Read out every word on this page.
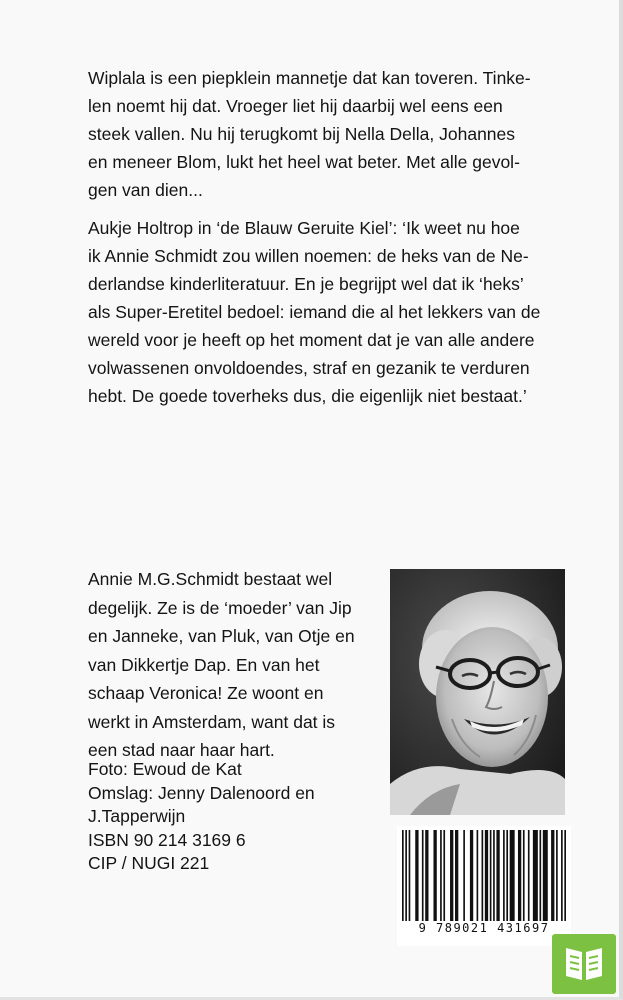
Wiplala is een piepklein mannetje dat kan toveren. Tinke-
len noemt hij dat. Vroeger liet hij daarbij wel eens een
steek vallen. Nu hij terugkomt bij Nella Della, Johannes
en meneer Blom, lukt het heel wat beter. Met alle gevol-
gen van dien...

Aukje Holtrop in ‘de Blauw Geruite Kiel’: ‘Ik weet nu hoe
ik Annie Schmidt zou willen noemen: de heks van de Ne-
derlandse kinderliteratuur. En je begrijpt wel dat ik ‘heks’
als Super-Eretitel bedoel: iemand die al het lekkers van de
wereld voor je heeft op het moment dat je van alle andere
volwassenen onvoldoendes, straf en gezanik te verduren
hebt. De goede toverheks dus, die eigenlijk niet bestaat.’

Annie M.G.Schmidt bestaat wel
degelijk. Ze is de ‘moeder’ van Jip
en Janneke, van Pluk, van Otje en
van Dikkertje Dap. En van het
schaap Veronica! Ze woont en
werkt in Amsterdam, want dat is
een stad naar haar hart.

Foto: Ewoud de Kat
Omslag: Jenny Dalenoord en
J.Tapperwijn
ISBN 90 214 3169 6
CIP / NUGI 221

9 789021 431697
